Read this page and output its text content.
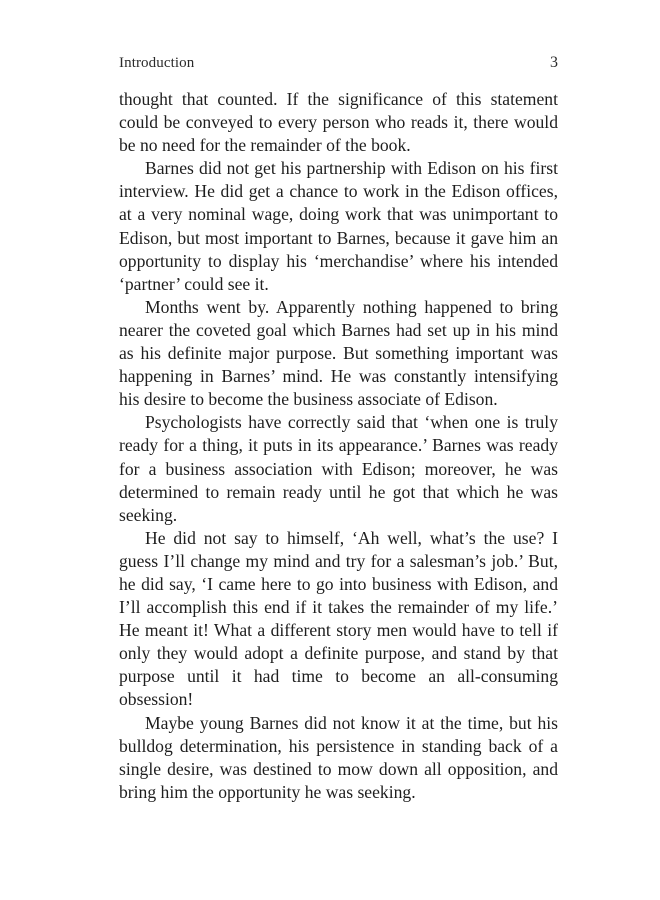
Introduction	3

thought that counted. If the significance of this statement could be conveyed to every person who reads it, there would be no need for the remainder of the book.

Barnes did not get his partnership with Edison on his first interview. He did get a chance to work in the Edison offices, at a very nominal wage, doing work that was unimportant to Edison, but most important to Barnes, because it gave him an opportunity to display his ‘merchandise’ where his intended ‘partner’ could see it.

Months went by. Apparently nothing happened to bring nearer the coveted goal which Barnes had set up in his mind as his definite major purpose. But something important was happening in Barnes’ mind. He was constantly intensifying his desire to become the business associate of Edison.

Psychologists have correctly said that ‘when one is truly ready for a thing, it puts in its appearance.’ Barnes was ready for a business association with Edison; moreover, he was determined to remain ready until he got that which he was seeking.

He did not say to himself, ‘Ah well, what’s the use? I guess I’ll change my mind and try for a salesman’s job.’ But, he did say, ‘I came here to go into business with Edison, and I’ll accomplish this end if it takes the remainder of my life.’ He meant it! What a different story men would have to tell if only they would adopt a definite purpose, and stand by that purpose until it had time to become an all-consuming obsession!

Maybe young Barnes did not know it at the time, but his bulldog determination, his persistence in standing back of a single desire, was destined to mow down all opposition, and bring him the opportunity he was seeking.
